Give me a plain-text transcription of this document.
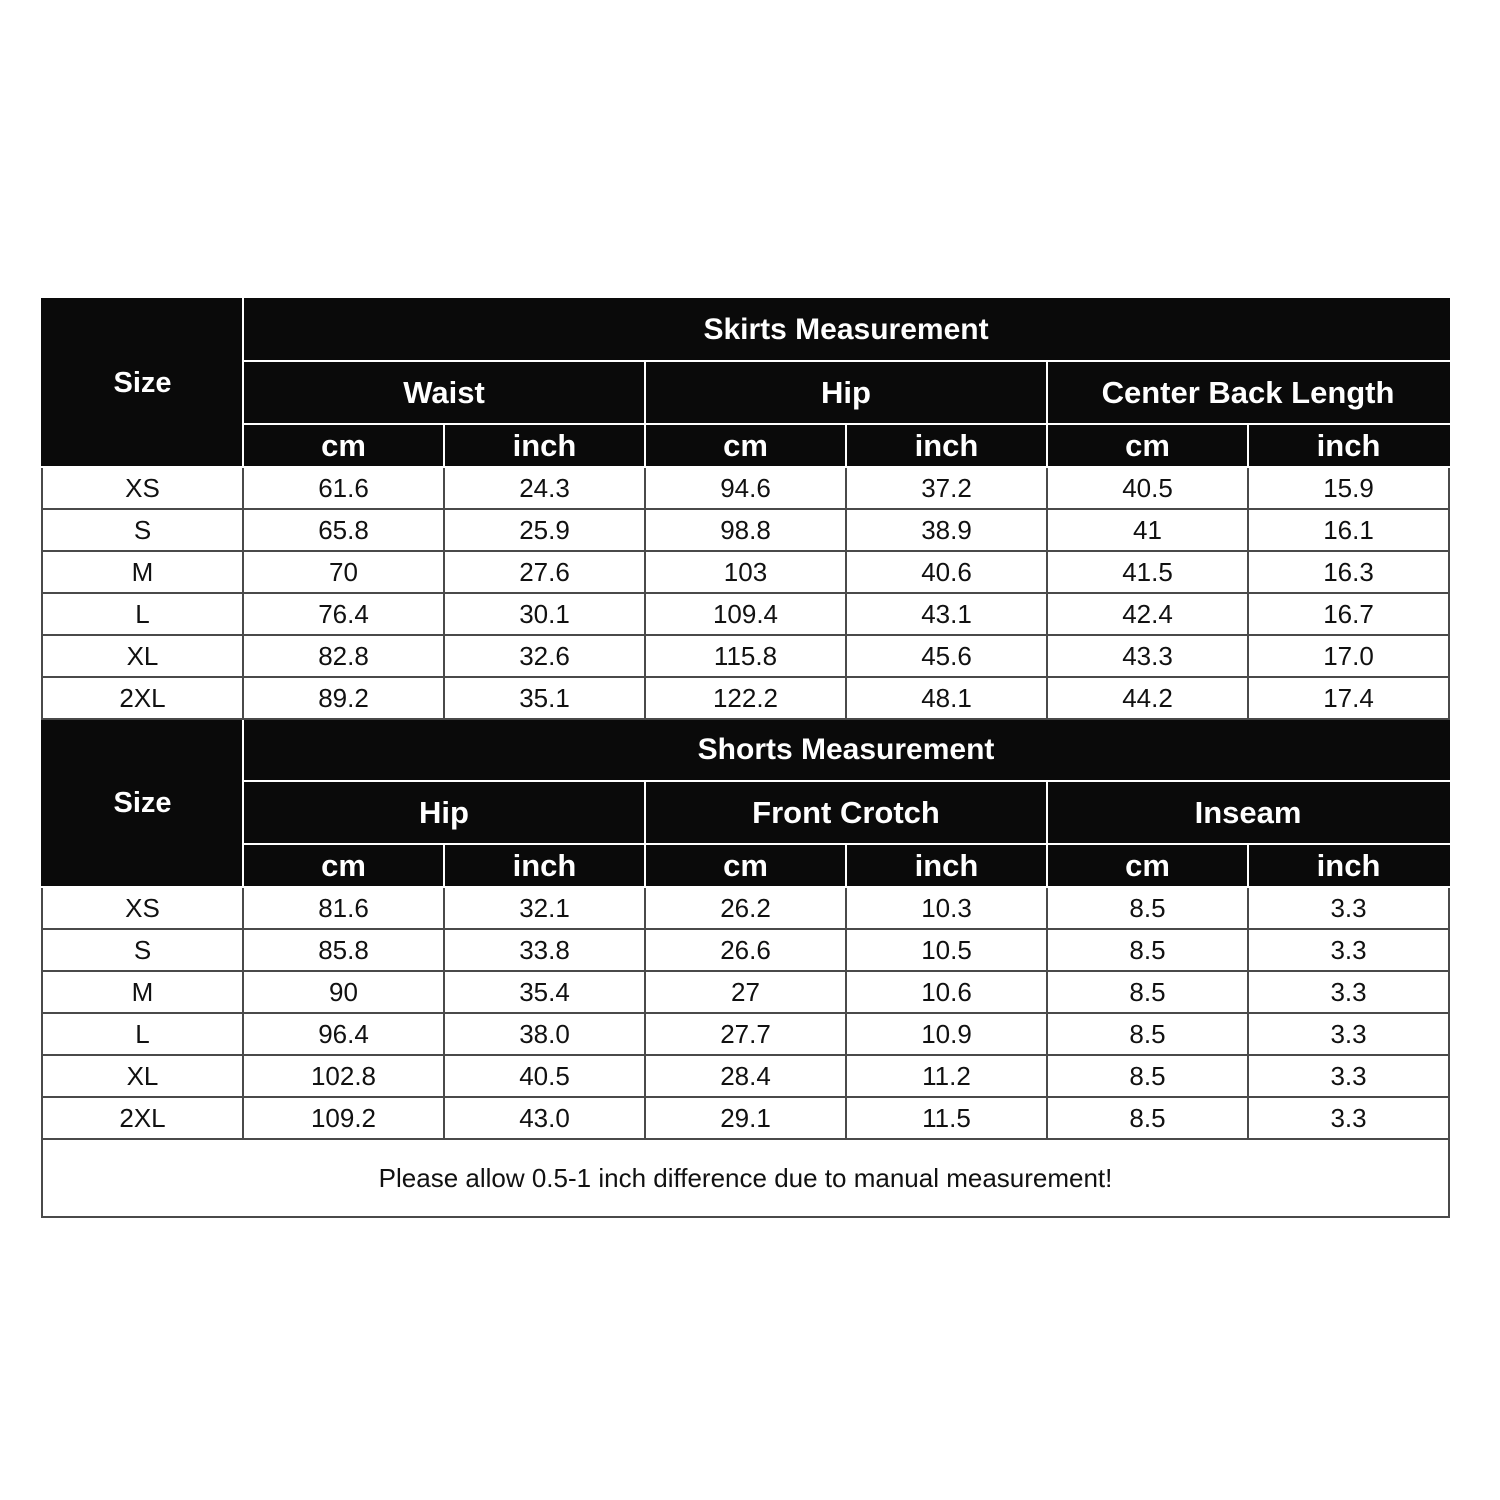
Size	Skirts Measurement					
	Waist		Hip		Center Back Length	
	cm	inch	cm	inch	cm	inch
XS	61.6	24.3	94.6	37.2	40.5	15.9
S	65.8	25.9	98.8	38.9	41	16.1
M	70	27.6	103	40.6	41.5	16.3
L	76.4	30.1	109.4	43.1	42.4	16.7
XL	82.8	32.6	115.8	45.6	43.3	17.0
2XL	89.2	35.1	122.2	48.1	44.2	17.4
Size	Shorts Measurement					
	Hip		Front Crotch		Inseam	
	cm	inch	cm	inch	cm	inch
XS	81.6	32.1	26.2	10.3	8.5	3.3
S	85.8	33.8	26.6	10.5	8.5	3.3
M	90	35.4	27	10.6	8.5	3.3
L	96.4	38.0	27.7	10.9	8.5	3.3
XL	102.8	40.5	28.4	11.2	8.5	3.3
2XL	109.2	43.0	29.1	11.5	8.5	3.3
Please allow 0.5-1 inch difference due to manual measurement!						
